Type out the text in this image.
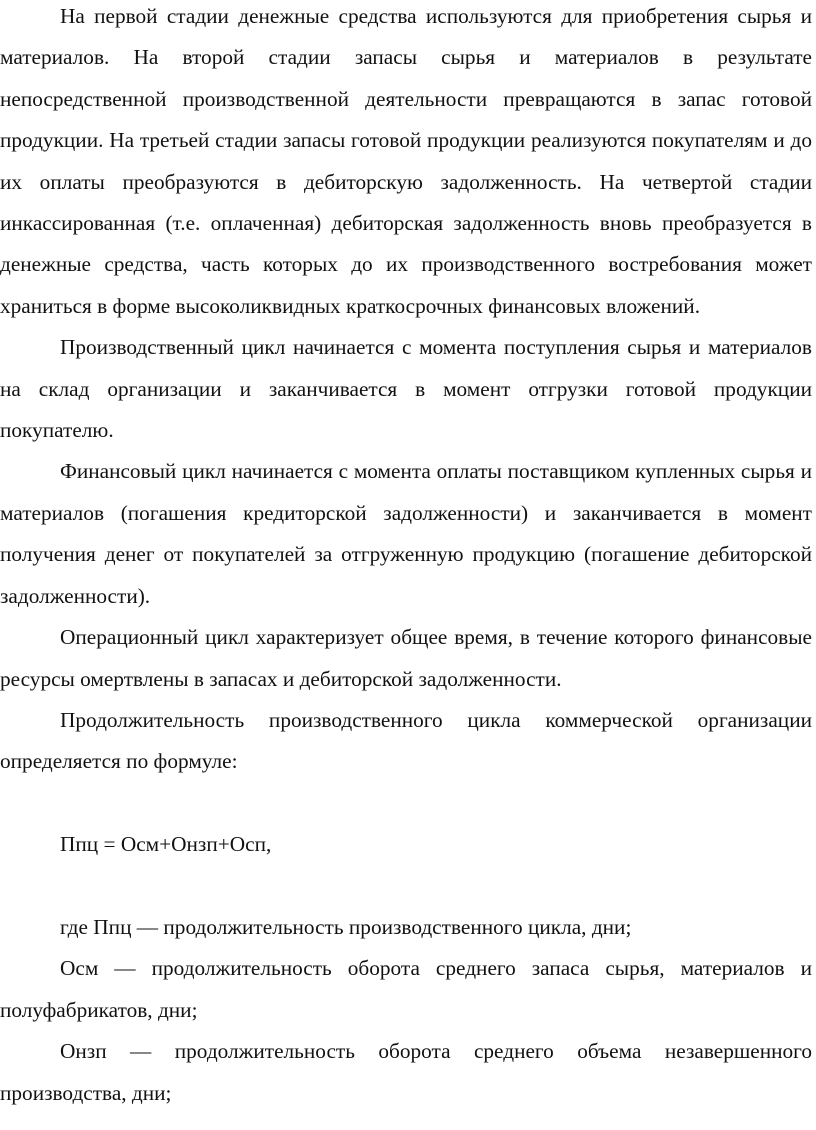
На первой стадии денежные средства используются для приобретения сырья и материалов. На второй стадии запасы сырья и материалов в результате непосредственной производственной деятельности превращаются в запас готовой продукции. На третьей стадии запасы готовой продукции реализуются покупателям и до их оплаты преобразуются в дебиторскую задолженность. На четвертой стадии инкассированная (т.е. оплаченная) дебиторская задолженность вновь преобразуется в денежные средства, часть которых до их производственного востребования может храниться в форме высоколиквидных краткосрочных финансовых вложений.

Производственный цикл начинается с момента поступления сырья и материалов на склад организации и заканчивается в момент отгрузки готовой продукции покупателю.

Финансовый цикл начинается с момента оплаты поставщиком купленных сырья и материалов (погашения кредиторской задолженности) и заканчивается в момент получения денег от покупателей за отгруженную продукцию (погашение дебиторской задолженности).

Операционный цикл характеризует общее время, в течение которого финансовые ресурсы омертвлены в запасах и дебиторской задолженности.

Продолжительность производственного цикла коммерческой организации определяется по формуле:

Ппц = Осм+Онзп+Осп,

где Ппц — продолжительность производственного цикла, дни;

Осм — продолжительность оборота среднего запаса сырья, материалов и полуфабрикатов, дни;

Онзп — продолжительность оборота среднего объема незавершенного производства, дни;
